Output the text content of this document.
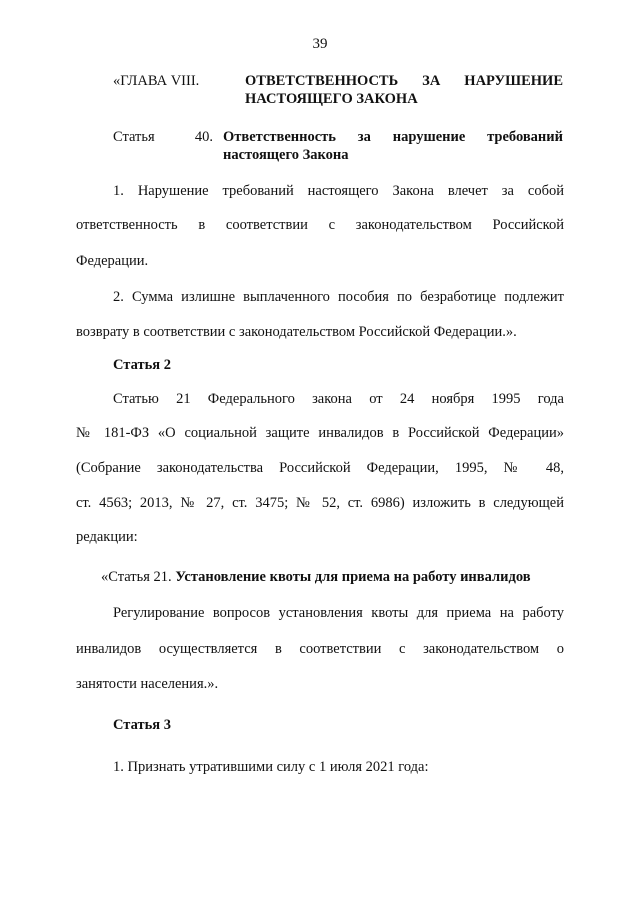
39
«ГЛАВА VIII.	ОТВЕТСТВЕННОСТЬ ЗА НАРУШЕНИЕ
НАСТОЯЩЕГО ЗАКОНА
Статья 40. Ответственность за нарушение требований
настоящего Закона
1. Нарушение требований настоящего Закона влечет за собой
ответственность в соответствии с законодательством Российской
Федерации.
2. Сумма излишне выплаченного пособия по безработице подлежит
возврату в соответствии с законодательством Российской Федерации.».
Статья 2
Статью 21 Федерального закона от 24 ноября 1995 года
№ 181-ФЗ «О социальной защите инвалидов в Российской Федерации»
(Собрание законодательства Российской Федерации, 1995, № 48,
ст. 4563; 2013, № 27, ст. 3475; № 52, ст. 6986) изложить в следующей
редакции:
«Статья 21. Установление квоты для приема на работу инвалидов
Регулирование вопросов установления квоты для приема на работу
инвалидов осуществляется в соответствии с законодательством о
занятости населения.».
Статья 3
1. Признать утратившими силу с 1 июля 2021 года:
